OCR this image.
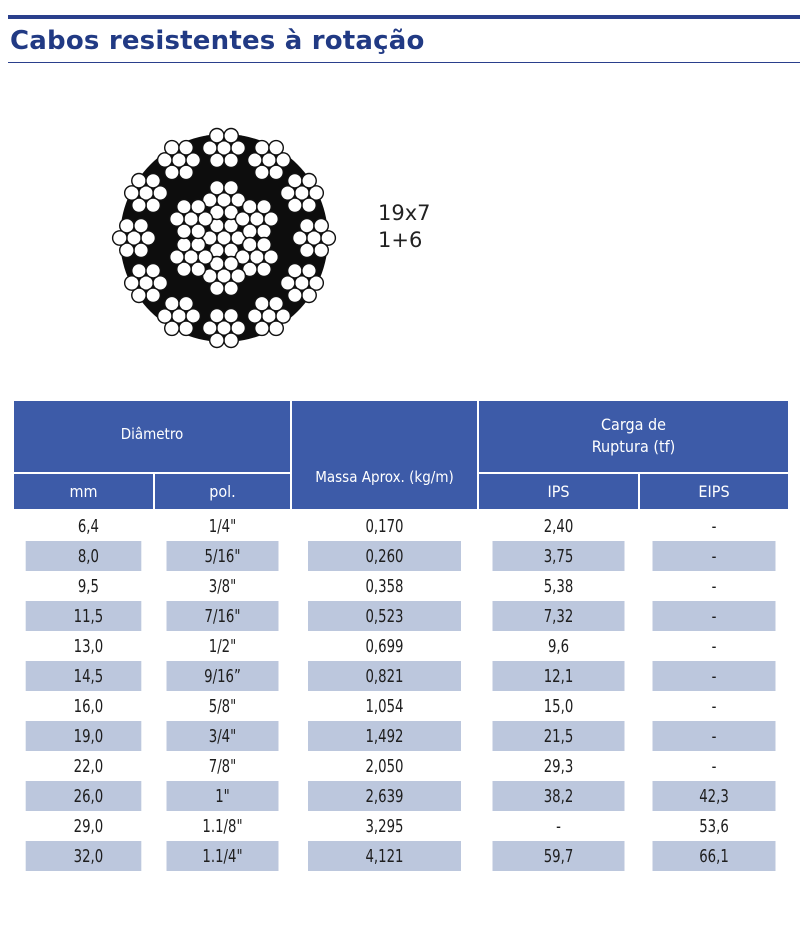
Cabos resistentes à rotação
19x7
1+6
Diâmetro		Massa Aprox. (kg/m)	Carga de
Ruptura (tf)	

mm	pol.		IPS	EIPS
6,4	1/4"	0,170	2,40	-
8,0	5/16"	0,260	3,75	-
9,5	3/8"	0,358	5,38	-
11,5	7/16"	0,523	7,32	-
13,0	1/2"	0,699	9,6	-
14,5	9/16”	0,821	12,1	-
16,0	5/8"	1,054	15,0	-
19,0	3/4"	1,492	21,5	-
22,0	7/8"	2,050	29,3	-
26,0	1"	2,639	38,2	42,3
29,0	1.1/8"	3,295	-	53,6
32,0	1.1/4"	4,121	59,7	66,1
